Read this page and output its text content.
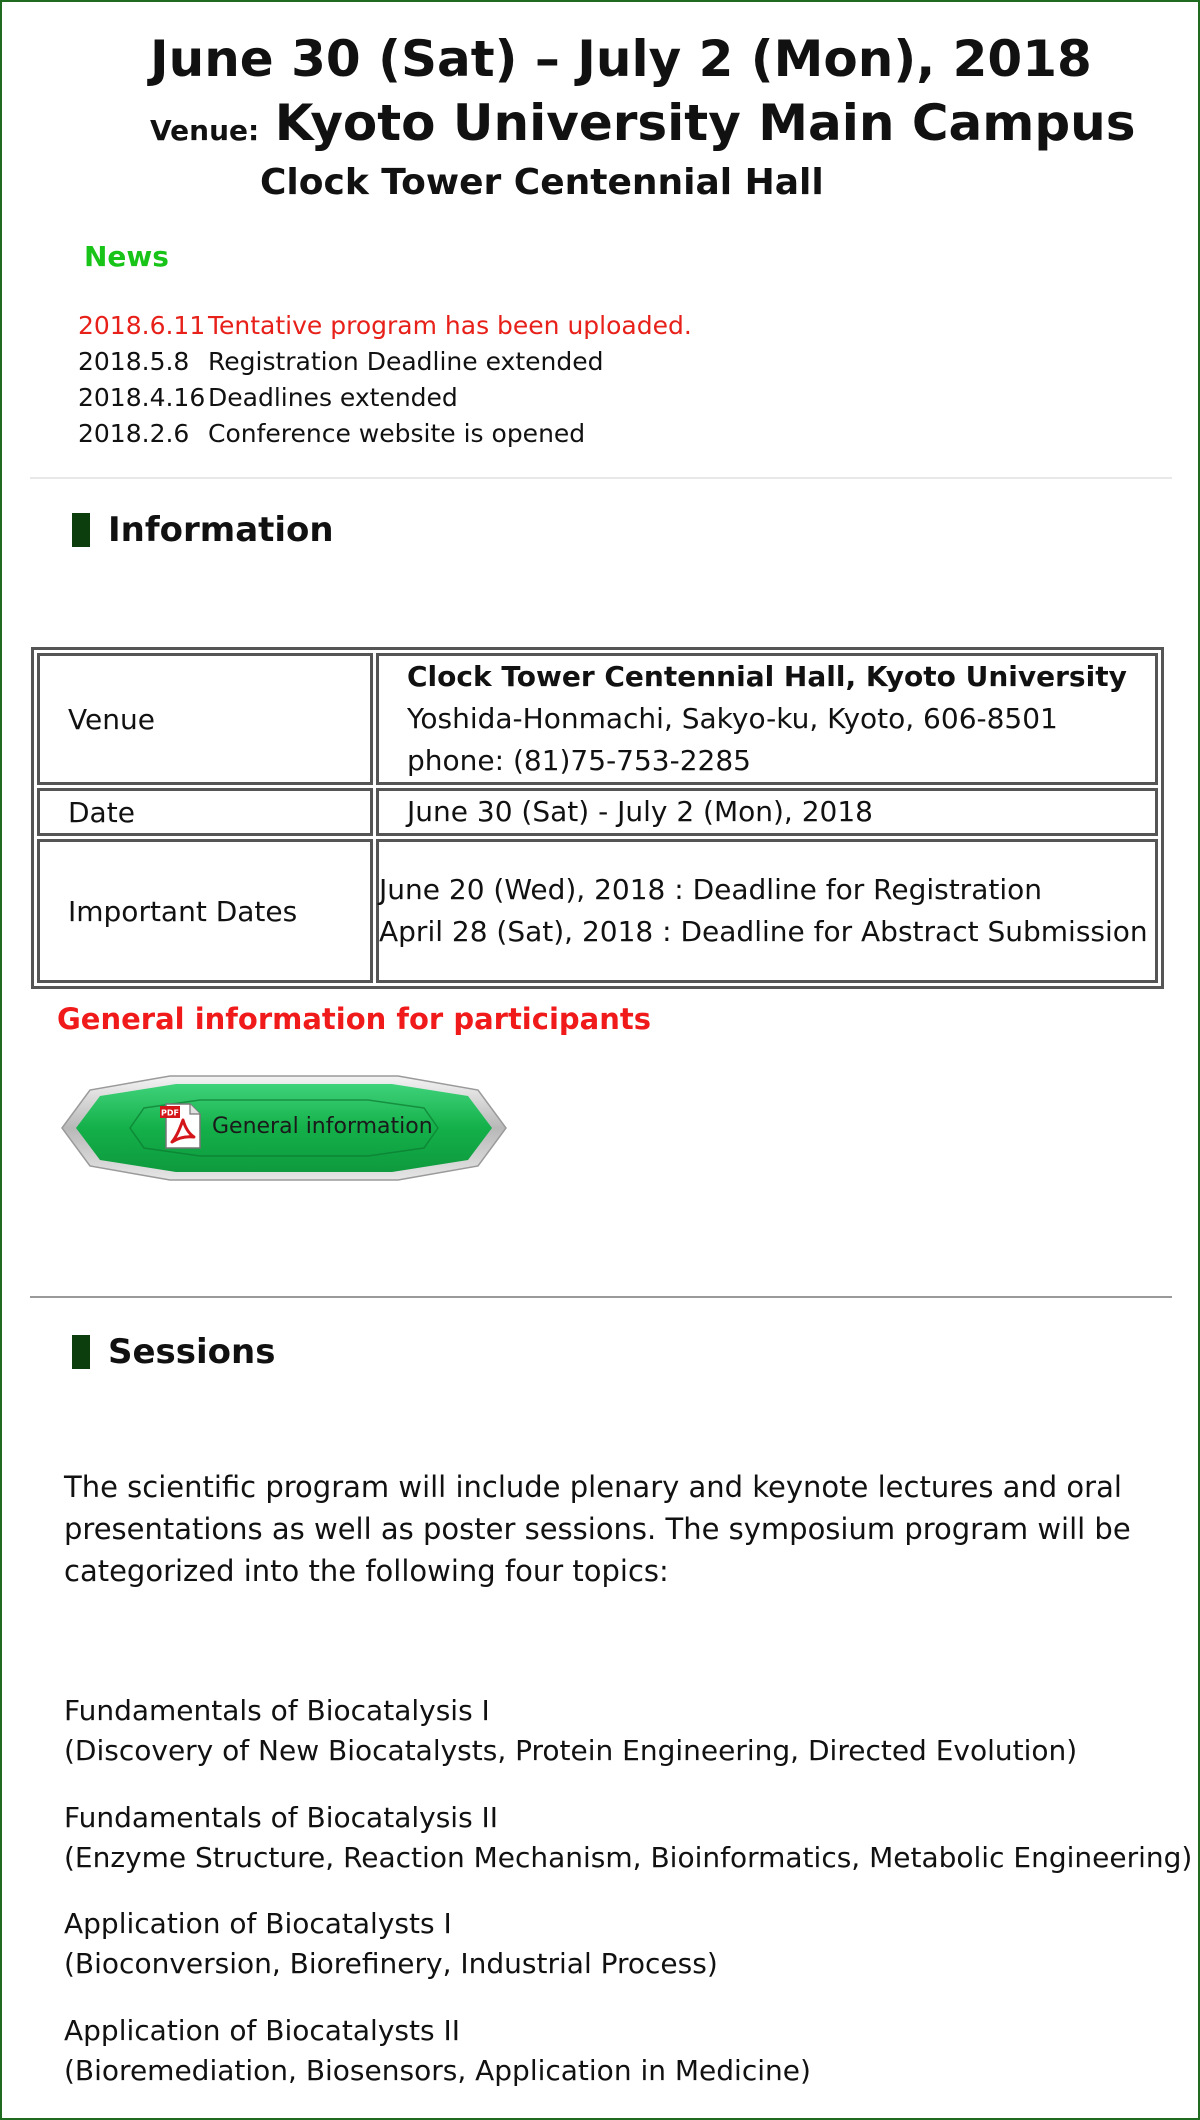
June 30 (Sat) – July 2 (Mon), 2018
Venue: Kyoto University Main Campus
Clock Tower Centennial Hall
News
2018.6.11 Tentative program has been uploaded.
2018.5.8 Registration Deadline extended
2018.4.16 Deadlines extended
2018.2.6 Conference website is opened
Information
Venue	Clock Tower Centennial Hall, Kyoto University
Yoshida-Honmachi, Sakyo-ku, Kyoto, 606-8501
phone: (81)75-753-2285

Date	June 30 (Sat) - July 2 (Mon), 2018
Important Dates	June 20 (Wed), 2018 : Deadline for Registration
April 28 (Sat), 2018 : Deadline for Abstract Submission
General information for participants
PDF
General information
Sessions
The scientific program will include plenary and keynote lectures and oral presentations as well as poster sessions. The symposium program will be categorized into the following four topics:
Fundamentals of Biocatalysis I
(Discovery of New Biocatalysts, Protein Engineering, Directed Evolution)
Fundamentals of Biocatalysis II
(Enzyme Structure, Reaction Mechanism, Bioinformatics, Metabolic Engineering)
Application of Biocatalysts I
(Bioconversion, Biorefinery, Industrial Process)
Application of Biocatalysts II
(Bioremediation, Biosensors, Application in Medicine)
